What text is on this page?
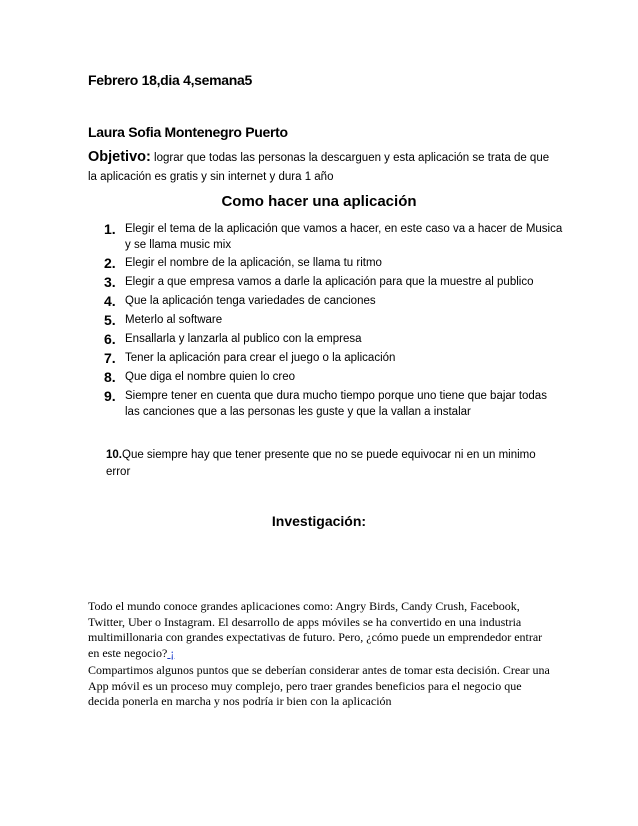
Febrero 18,dia 4,semana5
Laura Sofia Montenegro Puerto
Objetivo: lograr que todas las personas la descarguen y esta aplicación se trata de que la aplicación es gratis y sin internet y dura 1 año
Como hacer una aplicación
1. Elegir el tema de la aplicación que vamos a hacer, en este caso va a hacer de Musica y se llama music mix
2. Elegir el nombre de la aplicación, se llama tu ritmo
3. Elegir a que empresa vamos a darle la aplicación para que la muestre al publico
4. Que la aplicación tenga variedades de canciones
5. Meterlo al software
6. Ensallarla y lanzarla al publico con la empresa
7. Tener la aplicación para crear el juego o la aplicación
8. Que diga el nombre quien lo creo
9. Siempre tener en cuenta que dura mucho tiempo porque uno tiene que bajar todas las canciones que a las personas les guste y que la vallan a instalar
10.Que siempre hay que tener presente que no se puede equivocar ni en un minimo error
Investigación:
Todo el mundo conoce grandes aplicaciones como: Angry Birds, Candy Crush, Facebook, Twitter, Uber o Instagram. El desarrollo de apps móviles se ha convertido en una industria multimillonaria con grandes expectativas de futuro. Pero, ¿cómo puede un emprendedor entrar en este negocio? ¡
Compartimos algunos puntos que se deberían considerar antes de tomar esta decisión. Crear una App móvil es un proceso muy complejo, pero traer grandes beneficios para el negocio que decida ponerla en marcha y nos podría ir bien con la aplicación
